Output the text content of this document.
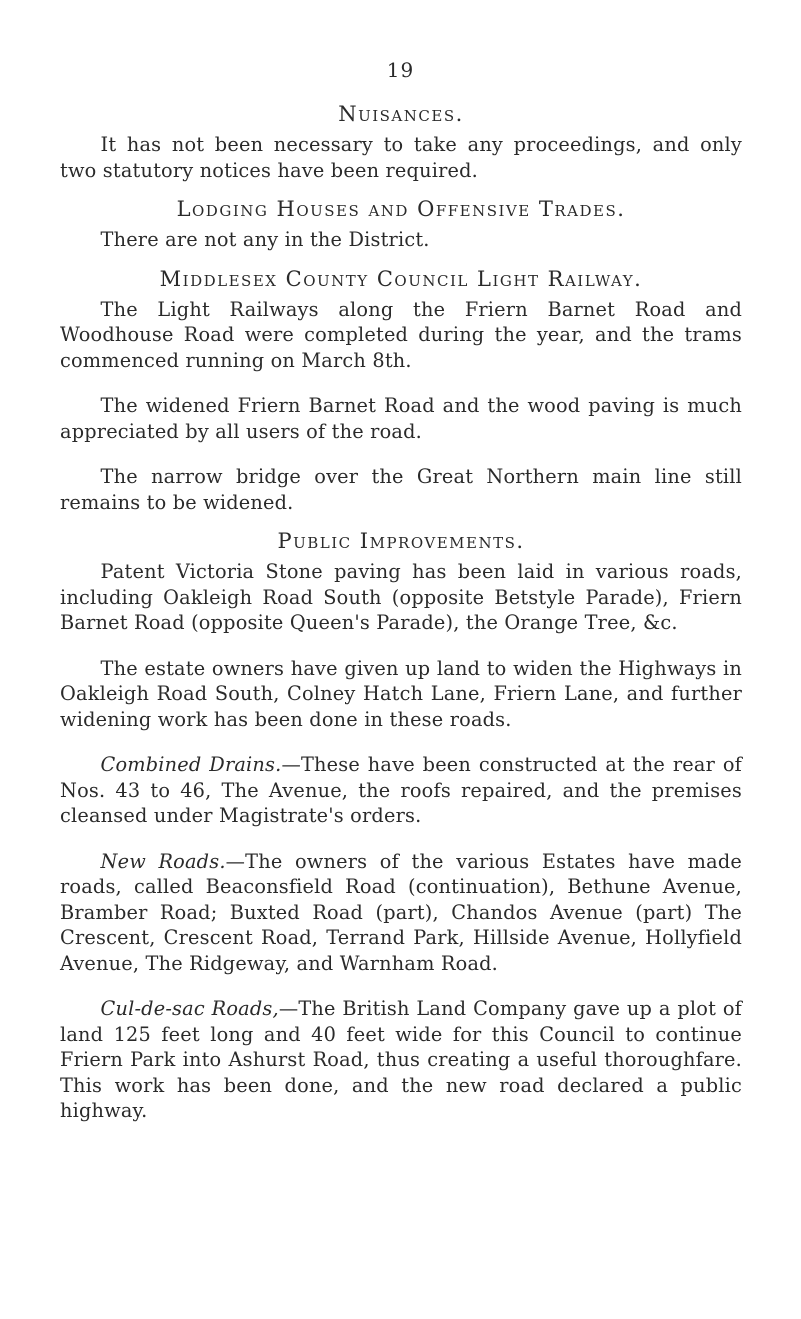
19
Nuisances.

It has not been necessary to take any proceedings, and only two statutory notices have been required.

Lodging Houses and Offensive Trades.

There are not any in the District.

Middlesex County Council Light Railway.

The Light Railways along the Friern Barnet Road and Woodhouse Road were completed during the year, and the trams commenced running on March 8th.

The widened Friern Barnet Road and the wood paving is much appreciated by all users of the road.

The narrow bridge over the Great Northern main line still remains to be widened.

Public Improvements.

Patent Victoria Stone paving has been laid in various roads, including Oakleigh Road South (opposite Betstyle Parade), Friern Barnet Road (opposite Queen's Parade), the Orange Tree, &c.

The estate owners have given up land to widen the Highways in Oakleigh Road South, Colney Hatch Lane, Friern Lane, and further widening work has been done in these roads.

Combined Drains.—These have been constructed at the rear of Nos. 43 to 46, The Avenue, the roofs repaired, and the premises cleansed under Magistrate's orders.

New Roads.—The owners of the various Estates have made roads, called Beaconsfield Road (continuation), Bethune Avenue, Bramber Road; Buxted Road (part), Chandos Avenue (part) The Crescent, Crescent Road, Terrand Park, Hillside Avenue, Hollyfield Avenue, The Ridgeway, and Warnham Road.

Cul-de-sac Roads,—The British Land Company gave up a plot of land 125 feet long and 40 feet wide for this Council to continue Friern Park into Ashurst Road, thus creating a useful thoroughfare. This work has been done, and the new road declared a public highway.
